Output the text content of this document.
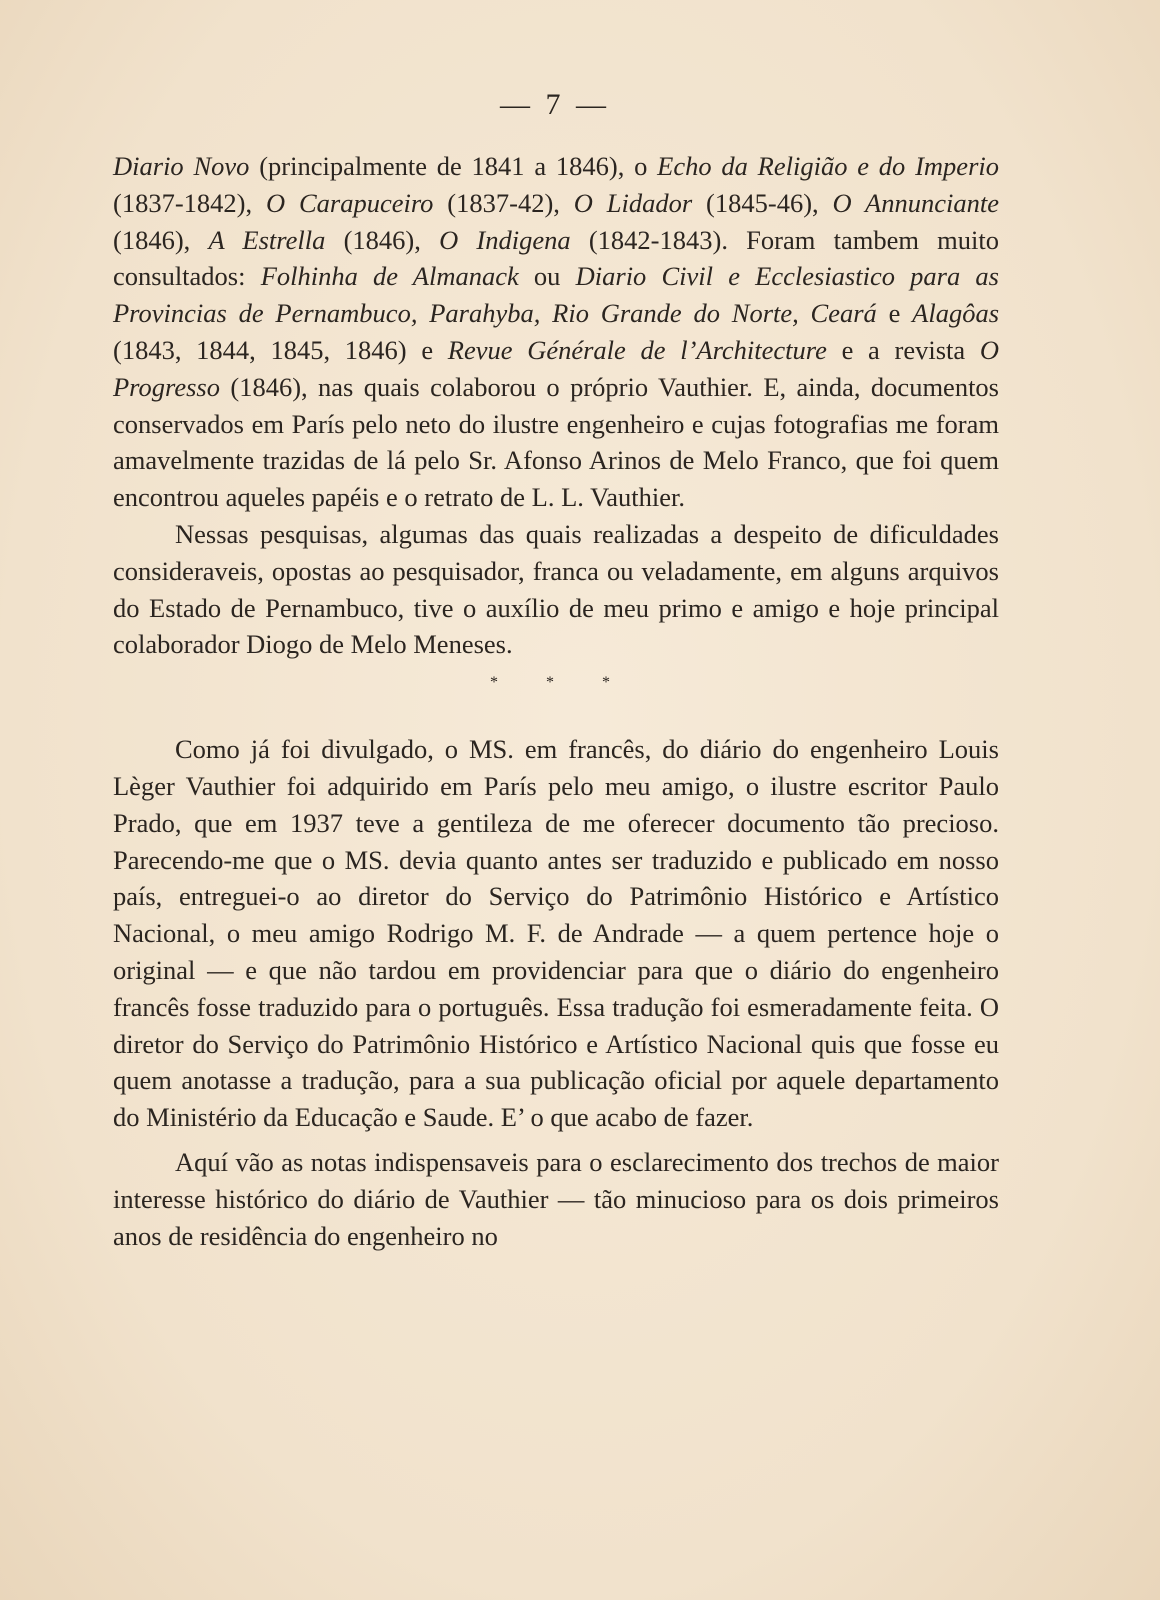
— 7 —

Diario Novo (principalmente de 1841 a 1846), o Echo da Religião e do Imperio (1837-1842), O Carapuceiro (1837-42), O Lidador (1845-46), O Annunciante (1846), A Estrella (1846), O Indigena (1842-1843). Foram tambem muito consultados: Folhinha de Almanack ou Diario Civil e Ecclesiastico para as Provincias de Pernambuco, Parahyba, Rio Grande do Norte, Ceará e Alagôas (1843, 1844, 1845, 1846) e Revue Générale de l’Architecture e a revista O Progresso (1846), nas quais colaborou o próprio Vauthier. E, ainda, documentos conservados em París pelo neto do ilustre engenheiro e cujas fotografias me foram amavelmente trazidas de lá pelo Sr. Afonso Arinos de Melo Franco, que foi quem encontrou aqueles papéis e o retrato de L. L. Vauthier.

Nessas pesquisas, algumas das quais realizadas a despeito de dificuldades consideraveis, opostas ao pesquisador, franca ou veladamente, em alguns arquivos do Estado de Pernambuco, tive o auxílio de meu primo e amigo e hoje principal colaborador Diogo de Melo Meneses.

* * *

Como já foi divulgado, o MS. em francês, do diário do engenheiro Louis Lèger Vauthier foi adquirido em París pelo meu amigo, o ilustre escritor Paulo Prado, que em 1937 teve a gentileza de me oferecer documento tão precioso. Parecendo-me que o MS. devia quanto antes ser traduzido e publicado em nosso país, entreguei-o ao diretor do Serviço do Patrimônio Histórico e Artístico Nacional, o meu amigo Rodrigo M. F. de Andrade — a quem pertence hoje o original — e que não tardou em providenciar para que o diário do engenheiro francês fosse traduzido para o português. Essa tradução foi esmeradamente feita. O diretor do Serviço do Patrimônio Histórico e Artístico Nacional quis que fosse eu quem anotasse a tradução, para a sua publicação oficial por aquele departamento do Ministério da Educação e Saude. E’ o que acabo de fazer.

Aquí vão as notas indispensaveis para o esclarecimento dos trechos de maior interesse histórico do diário de Vauthier — tão minucioso para os dois primeiros anos de residência do engenheiro no
